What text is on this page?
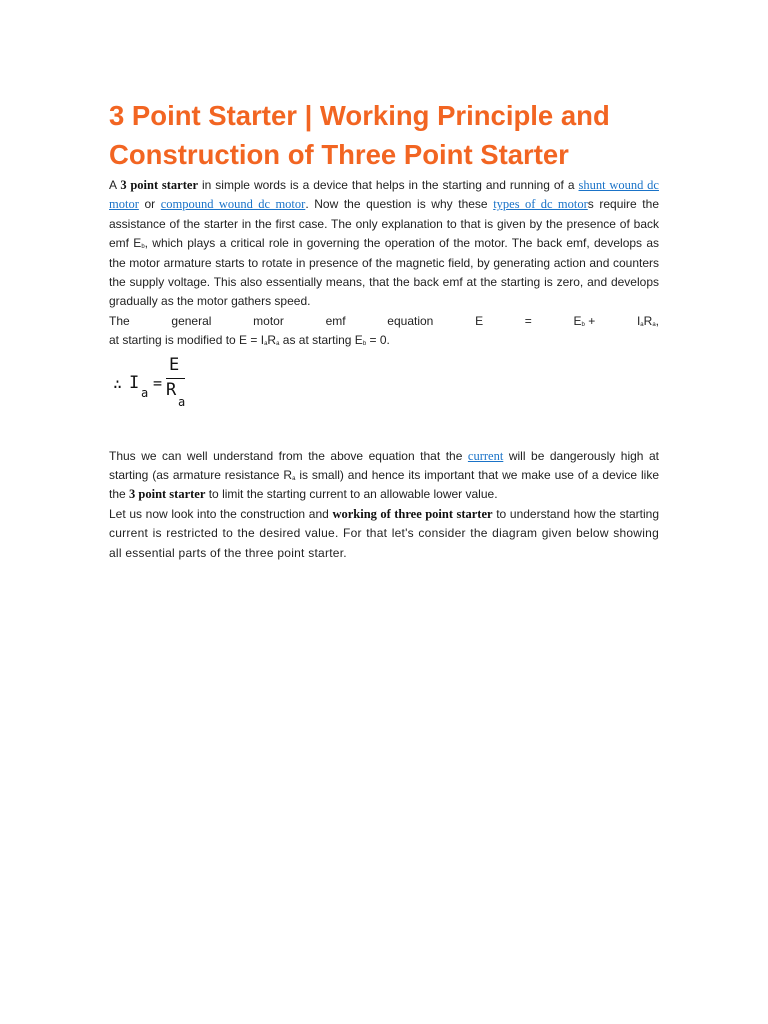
3 Point Starter | Working Principle and Construction of Three Point Starter

A 3 point starter in simple words is a device that helps in the starting and running of a shunt wound dc motor or compound wound dc motor. Now the question is why these types of dc motors require the assistance of the starter in the first case. The only explanation to that is given by the presence of back emf $E_b$, which plays a critical role in governing the operation of the motor. The back emf, develops as the motor armature starts to rotate in presence of the magnetic field, by generating action and counters the supply voltage. This also essentially means, that the back emf at the starting is zero, and develops gradually as the motor gathers speed.

The	general	motor	emf	equation	E	=	$E_b$ +	$I_aR_a$,

at starting is modified to $E = I_aR_a$ as at starting $E_b = 0$.

∴ I a
=
E
R
a

Thus we can well understand from the above equation that the current will be dangerously high at starting (as armature resistance $R_a$ is small) and hence its important that we make use of a device like the 3 point starter to limit the starting current to an allowable lower value.

Let us now look into the construction and working of three point starter to understand how the starting current is restricted to the desired value. For that let's consider the diagram given below showing all essential parts of the three point starter.
